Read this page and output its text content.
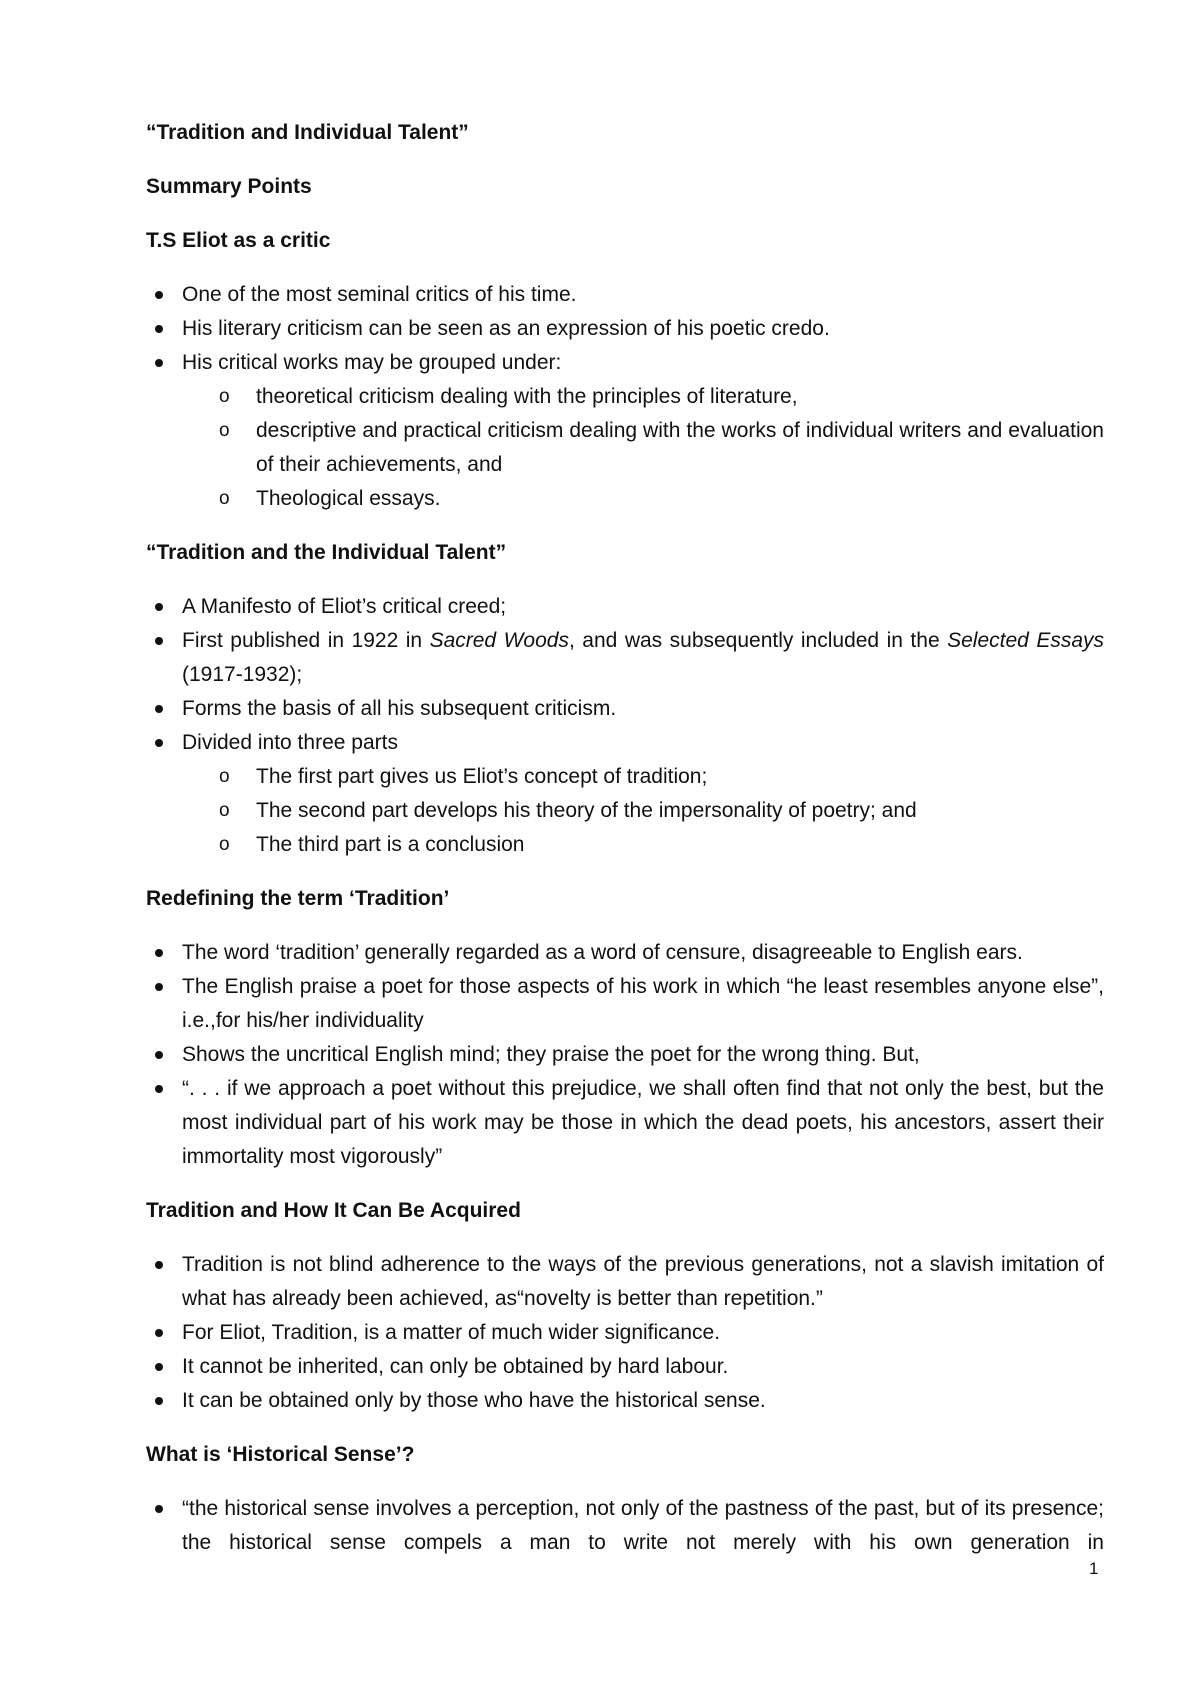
“Tradition and Individual Talent”
Summary Points
T.S Eliot as a critic
One of the most seminal critics of his time.
His literary criticism can be seen as an expression of his poetic credo.
His critical works may be grouped under:
o theoretical criticism dealing with the principles of literature,
o descriptive and practical criticism dealing with the works of individual writers and evaluation of their achievements, and
o Theological essays.
“Tradition and the Individual Talent”
A Manifesto of Eliot’s critical creed;
First published in 1922 in Sacred Woods, and was subsequently included in the Selected Essays (1917-1932);
Forms the basis of all his subsequent criticism.
Divided into three parts
o The first part gives us Eliot’s concept of tradition;
o The second part develops his theory of the impersonality of poetry; and
o The third part is a conclusion
Redefining the term ‘Tradition’
The word ‘tradition’ generally regarded as a word of censure, disagreeable to English ears.
The English praise a poet for those aspects of his work in which “he least resembles anyone else”, i.e.,for his/her individuality
Shows the uncritical English mind; they praise the poet for the wrong thing. But,
“. . . if we approach a poet without this prejudice, we shall often find that not only the best, but the most individual part of his work may be those in which the dead poets, his ancestors, assert their immortality most vigorously”
Tradition and How It Can Be Acquired
Tradition is not blind adherence to the ways of the previous generations, not a slavish imitation of what has already been achieved, as“novelty is better than repetition.”
For Eliot, Tradition, is a matter of much wider significance.
It cannot be inherited, can only be obtained by hard labour.
It can be obtained only by those who have the historical sense.
What is ‘Historical Sense’?
“the historical sense involves a perception, not only of the pastness of the past, but of its presence; the historical sense compels a man to write not merely with his own generation in
1
